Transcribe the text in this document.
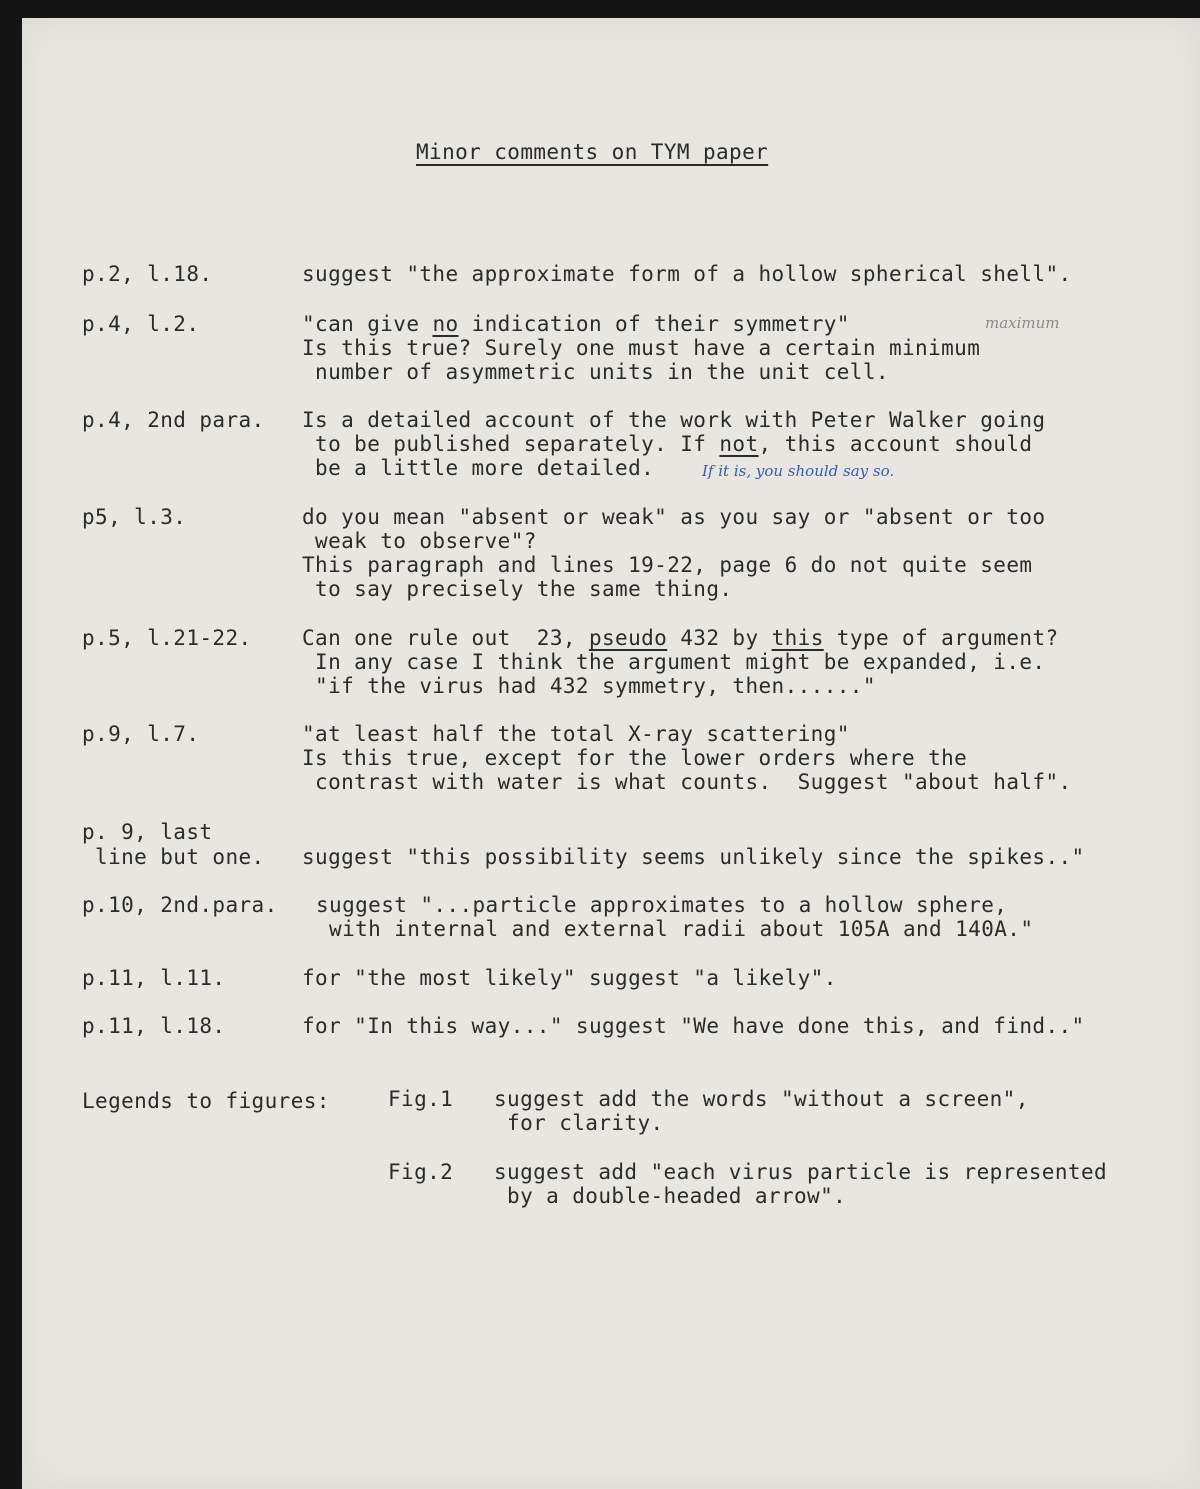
Minor comments on TYM paper
p.2, l.18.	suggest "the approximate form of a hollow spherical shell".
p.4, l.2.	"can give no indication of their symmetry"
Is this true? Surely one must have a certain minimum
number of asymmetric units in the unit cell.
maximum
p.4, 2nd para. Is a detailed account of the work with Peter Walker going
to be published separately. If not, this account should
be a little more detailed.	If it is, you should say so.
p5, l.3.	do you mean "absent or weak" as you say or "absent or too
weak to observe"?
This paragraph and lines 19-22, page 6 do not quite seem
to say precisely the same thing.
p.5, l.21-22. Can one rule out  23, pseudo 432 by this type of argument?
In any case I think the argument might be expanded, i.e.
"if the virus had 432 symmetry, then......"
p.9, l.7.	"at least half the total X-ray scattering"
Is this true, except for the lower orders where the
contrast with water is what counts.  Suggest "about half".
p. 9, last
line but one. suggest "this possibility seems unlikely since the spikes.."
p.10, 2nd.para. suggest "...particle approximates to a hollow sphere,
with internal and external radii about 105A and 140A."
p.11, l.11.	for "the most likely" suggest "a likely".
p.11, l.18.	for "In this way..." suggest "We have done this, and find.."
Legends to figures:	Fig.1 suggest add the words "without a screen",
for clarity.
Fig.2 suggest add "each virus particle is represented
by a double-headed arrow".
